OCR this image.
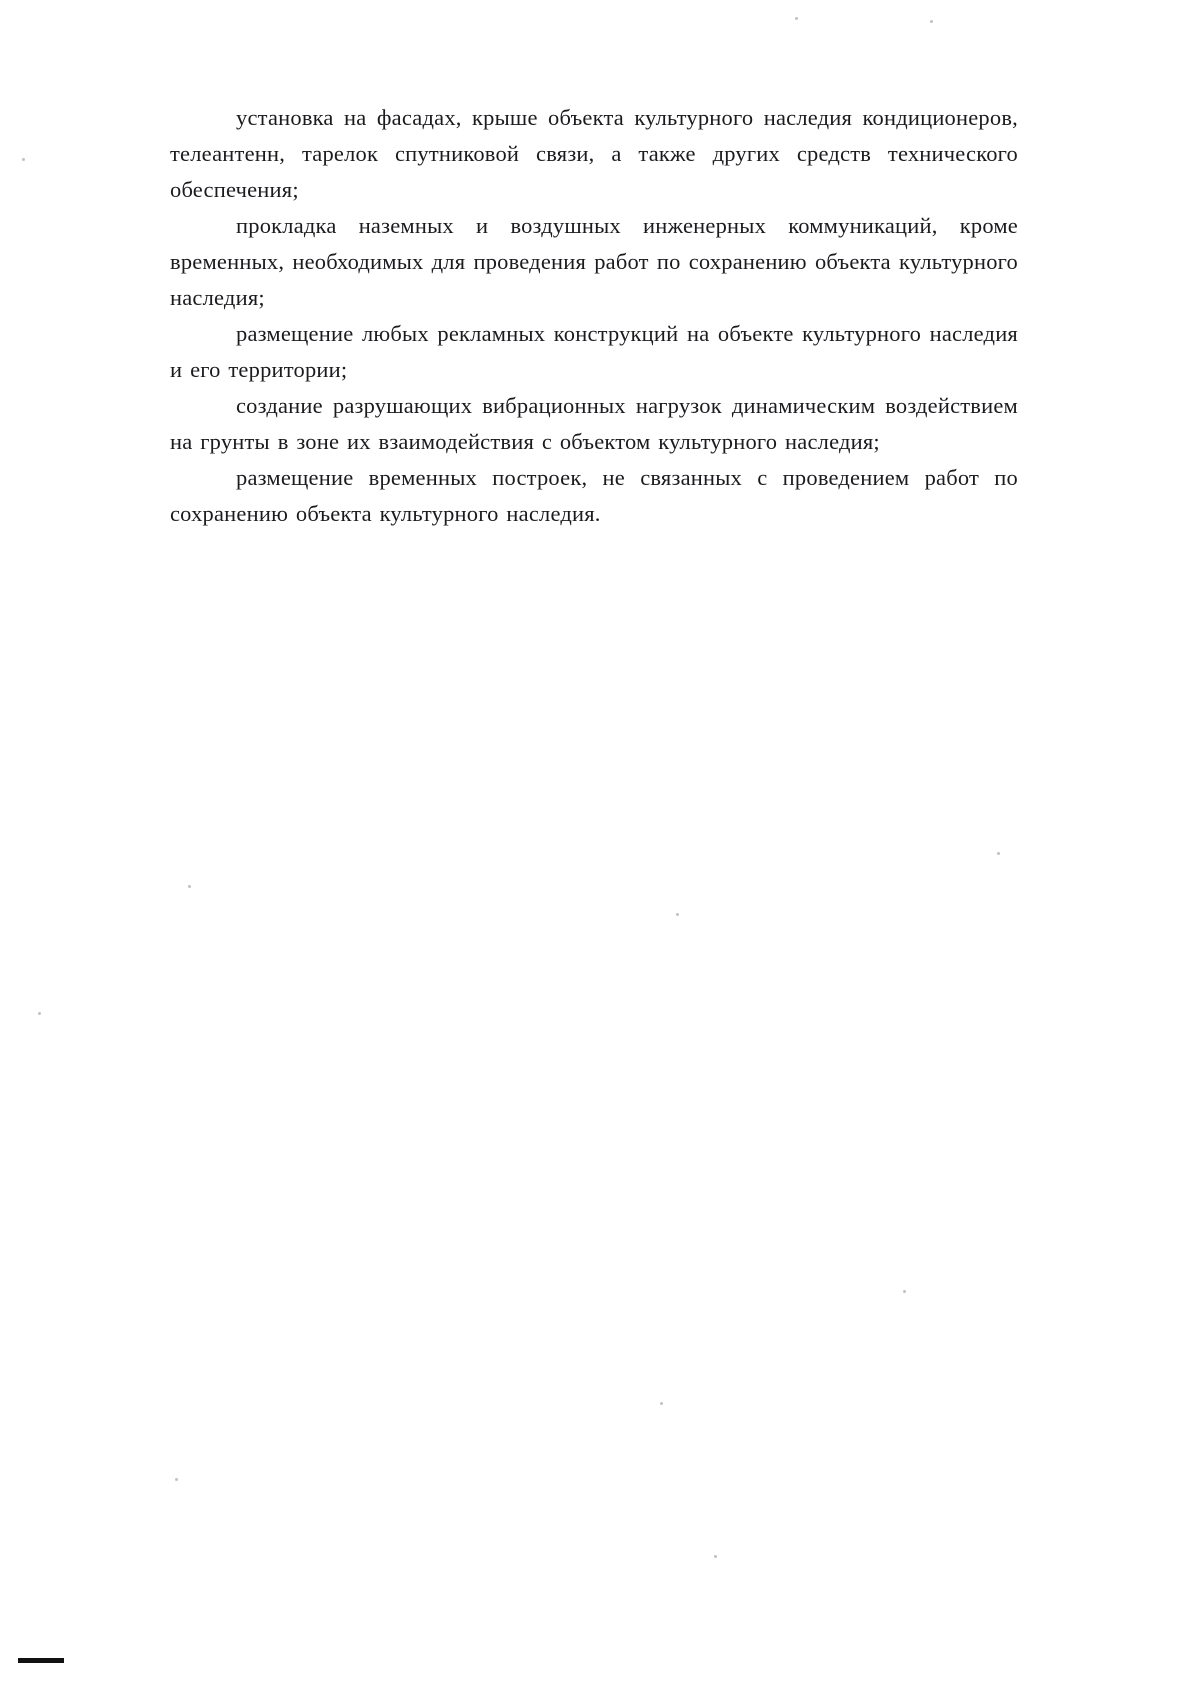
установка на фасадах, крыше объекта культурного наследия кондиционеров, телеантенн, тарелок спутниковой связи, а также других средств технического обеспечения;

прокладка наземных и воздушных инженерных коммуникаций, кроме временных, необходимых для проведения работ по сохранению объекта культурного наследия;

размещение любых рекламных конструкций на объекте культурного наследия и его территории;

создание разрушающих вибрационных нагрузок динамическим воздействием на грунты в зоне их взаимодействия с объектом культурного наследия;

размещение временных построек, не связанных с проведением работ по сохранению объекта культурного наследия.
